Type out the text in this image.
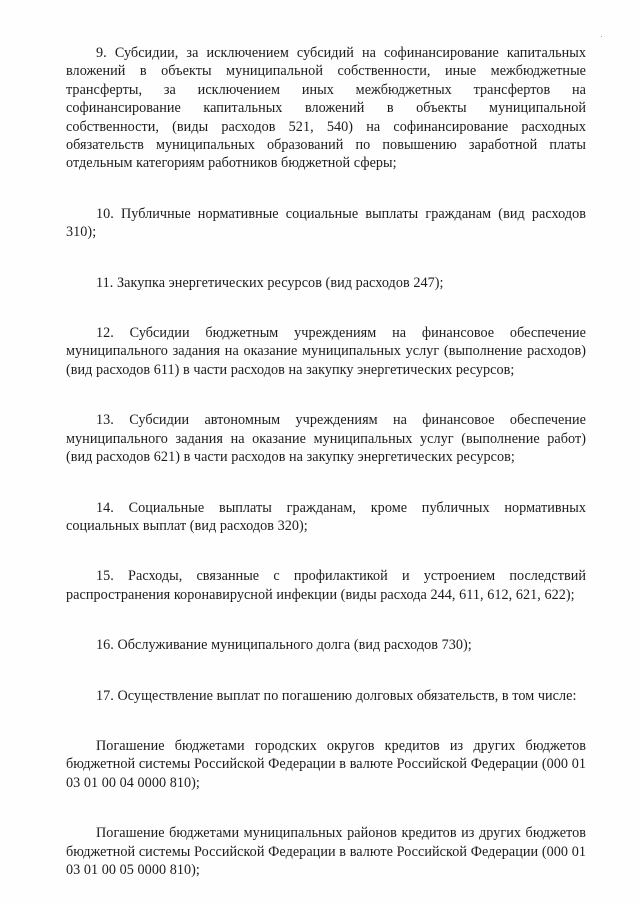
9. Субсидии, за исключением субсидий на софинансирование капитальных вложений в объекты муниципальной собственности, иные межбюджетные трансферты, за исключением иных межбюджетных трансфертов на софинансирование капитальных вложений в объекты муниципальной собственности, (виды расходов 521, 540) на софинансирование расходных обязательств муниципальных образований по повышению заработной платы отдельным категориям работников бюджетной сферы;

10. Публичные нормативные социальные выплаты гражданам (вид расходов 310);

11. Закупка энергетических ресурсов (вид расходов 247);

12. Субсидии бюджетным учреждениям на финансовое обеспечение муниципального задания на оказание муниципальных услуг (выполнение расходов) (вид расходов 611) в части расходов на закупку энергетических ресурсов;

13. Субсидии автономным учреждениям на финансовое обеспечение муниципального задания на оказание муниципальных услуг (выполнение работ) (вид расходов 621) в части расходов на закупку энергетических ресурсов;

14. Социальные выплаты гражданам, кроме публичных нормативных социальных выплат (вид расходов 320);

15. Расходы, связанные с профилактикой и устроением последствий распространения коронавирусной инфекции (виды расхода 244, 611, 612, 621, 622);

16. Обслуживание муниципального долга (вид расходов 730);

17. Осуществление выплат по погашению долговых обязательств, в том числе:

Погашение бюджетами городских округов кредитов из других бюджетов бюджетной системы Российской Федерации в валюте Российской Федерации (000 01 03 01 00 04 0000 810);

Погашение бюджетами муниципальных районов кредитов из других бюджетов бюджетной системы Российской Федерации в валюте Российской Федерации (000 01 03 01 00 05 0000 810);
